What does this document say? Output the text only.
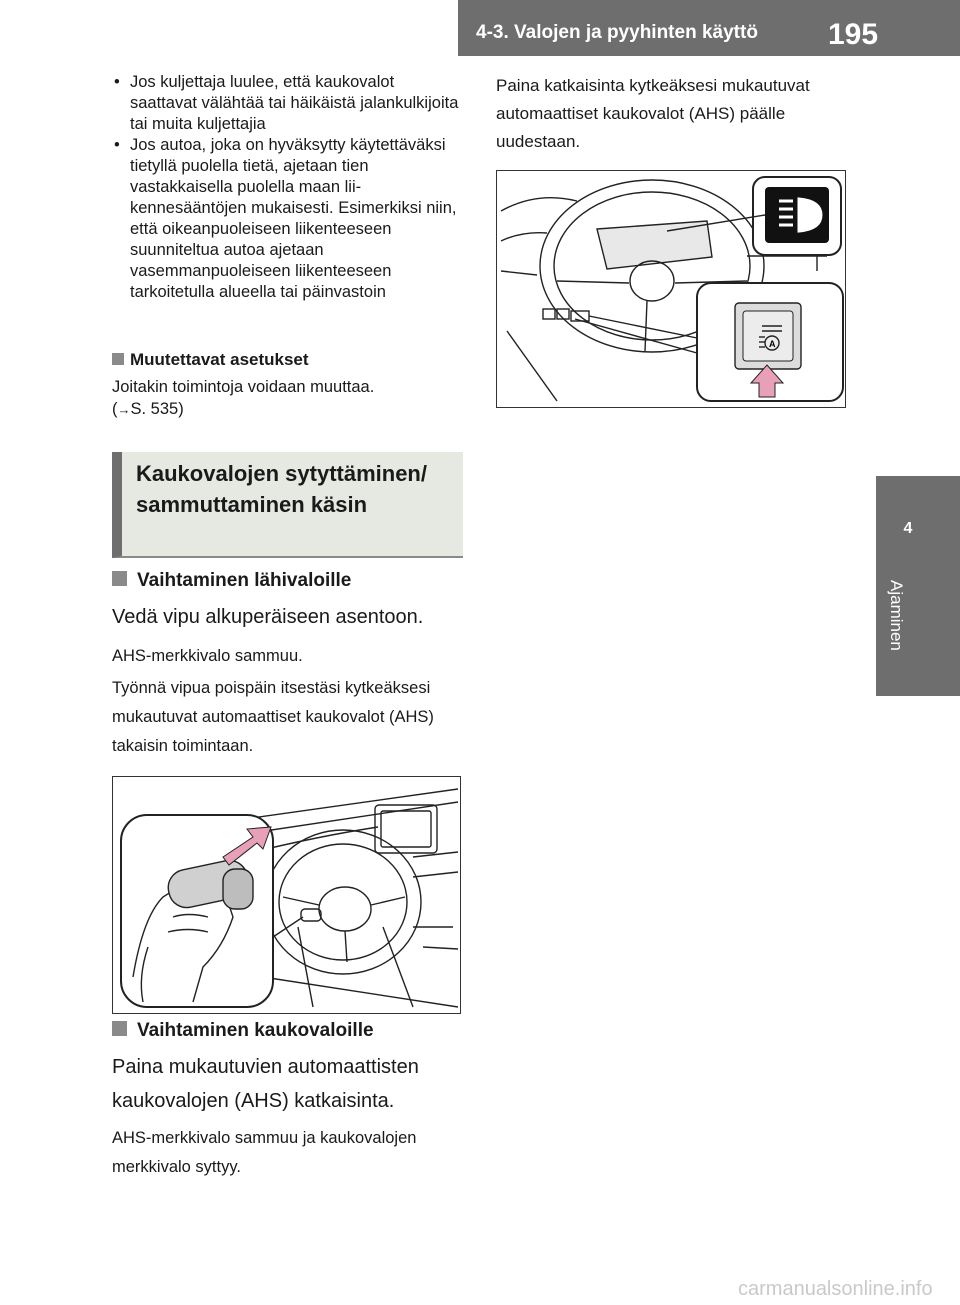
4-3. Valojen ja pyyhinten käyttö 195
4
Ajaminen
• Jos kuljettaja luulee, että kaukovalot saattavat välähtää tai häikäistä jalankulkijoita tai muita kuljettajia
• Jos autoa, joka on hyväksytty käytettäväksi tietyllä puolella tietä, ajetaan tien vastakkaisella puolella maan liikennesääntöjen mukaisesti. Esimerkiksi niin, että oikeanpuoleiseen liikenteeseen suunniteltua autoa ajetaan vasemmanpuoleiseen liikenteeseen tarkoitetulla alueella tai päinvastoin
Muutettavat asetukset
Joitakin toimintoja voidaan muuttaa.
(→S. 535)
Kaukovalojen sytyttäminen/ sammuttaminen käsin
Vaihtaminen lähivaloille
Vedä vipu alkuperäiseen asentoon.
AHS-merkkivalo sammuu.
Työnnä vipua poispäin itsestäsi kytkeäksesi mukautuvat automaattiset kaukovalot (AHS) takaisin toimintaan.
Vaihtaminen kaukovaloille
Paina mukautuvien automaattisten kaukovalojen (AHS) katkaisinta.
AHS-merkkivalo sammuu ja kaukovalojen merkkivalo syttyy.
Paina katkaisinta kytkeäksesi mukautuvat automaattiset kaukovalot (AHS) päälle uudestaan.
A
carmanualsonline.info
